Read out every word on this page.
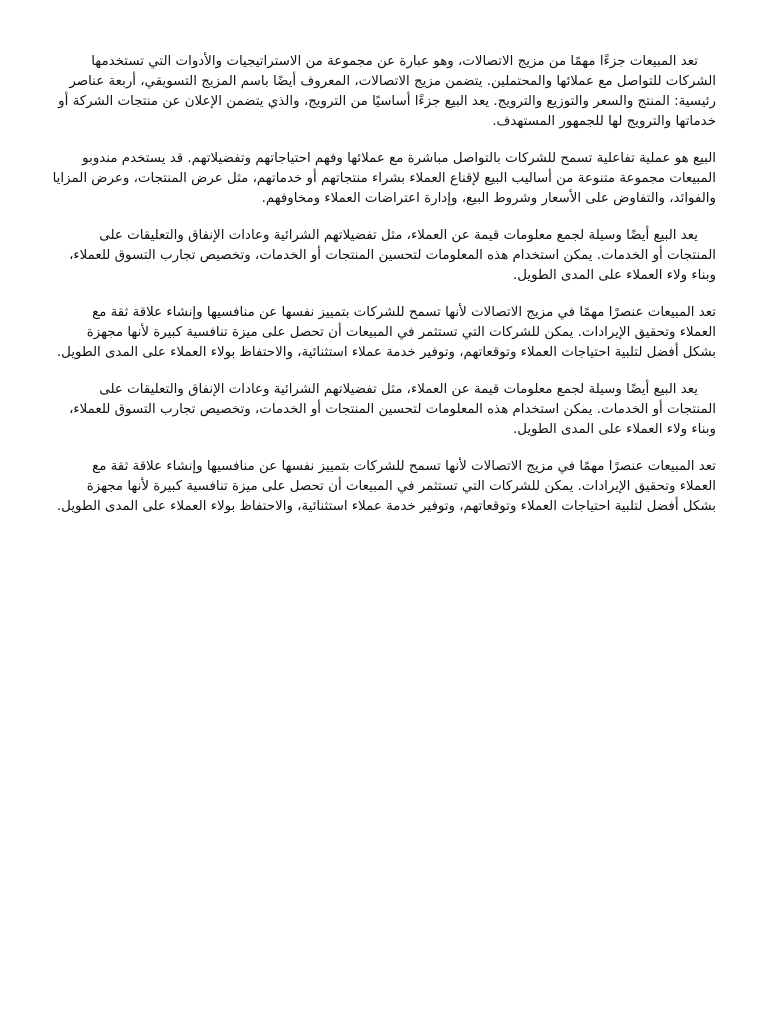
تعد المبيعات جزءًا مهمًا من مزيج الاتصالات، وهو عبارة عن مجموعة من الاستراتيجيات والأدوات التي تستخدمها الشركات للتواصل مع عملائها والمحتملين. يتضمن مزيج الاتصالات، المعروف أيضًا باسم المزيج التسويقي، أربعة عناصر رئيسية: المنتج والسعر والتوزيع والترويج. يعد البيع جزءًا أساسيًا من الترويج، والذي يتضمن الإعلان عن منتجات الشركة أو خدماتها والترويج لها للجمهور المستهدف.

البيع هو عملية تفاعلية تسمح للشركات بالتواصل مباشرة مع عملائها وفهم احتياجاتهم وتفضيلاتهم. قد يستخدم مندوبو المبيعات مجموعة متنوعة من أساليب البيع لإقناع العملاء بشراء منتجاتهم أو خدماتهم، مثل عرض المنتجات، وعرض المزايا والفوائد، والتفاوض على الأسعار وشروط البيع، وإدارة اعتراضات العملاء ومخاوفهم.

يعد البيع أيضًا وسيلة لجمع معلومات قيمة عن العملاء، مثل تفضيلاتهم الشرائية وعادات الإنفاق والتعليقات على المنتجات أو الخدمات. يمكن استخدام هذه المعلومات لتحسين المنتجات أو الخدمات، وتخصيص تجارب التسوق للعملاء، وبناء ولاء العملاء على المدى الطويل.

تعد المبيعات عنصرًا مهمًا في مزيج الاتصالات لأنها تسمح للشركات بتمييز نفسها عن منافسيها وإنشاء علاقة ثقة مع العملاء وتحقيق الإيرادات. يمكن للشركات التي تستثمر في المبيعات أن تحصل على ميزة تنافسية كبيرة لأنها مجهزة بشكل أفضل لتلبية احتياجات العملاء وتوقعاتهم، وتوفير خدمة عملاء استثنائية، والاحتفاظ بولاء العملاء على المدى الطويل.

يعد البيع أيضًا وسيلة لجمع معلومات قيمة عن العملاء، مثل تفضيلاتهم الشرائية وعادات الإنفاق والتعليقات على المنتجات أو الخدمات. يمكن استخدام هذه المعلومات لتحسين المنتجات أو الخدمات، وتخصيص تجارب التسوق للعملاء، وبناء ولاء العملاء على المدى الطويل.

تعد المبيعات عنصرًا مهمًا في مزيج الاتصالات لأنها تسمح للشركات بتمييز نفسها عن منافسيها وإنشاء علاقة ثقة مع العملاء وتحقيق الإيرادات. يمكن للشركات التي تستثمر في المبيعات أن تحصل على ميزة تنافسية كبيرة لأنها مجهزة بشكل أفضل لتلبية احتياجات العملاء وتوقعاتهم، وتوفير خدمة عملاء استثنائية، والاحتفاظ بولاء العملاء على المدى الطويل.
